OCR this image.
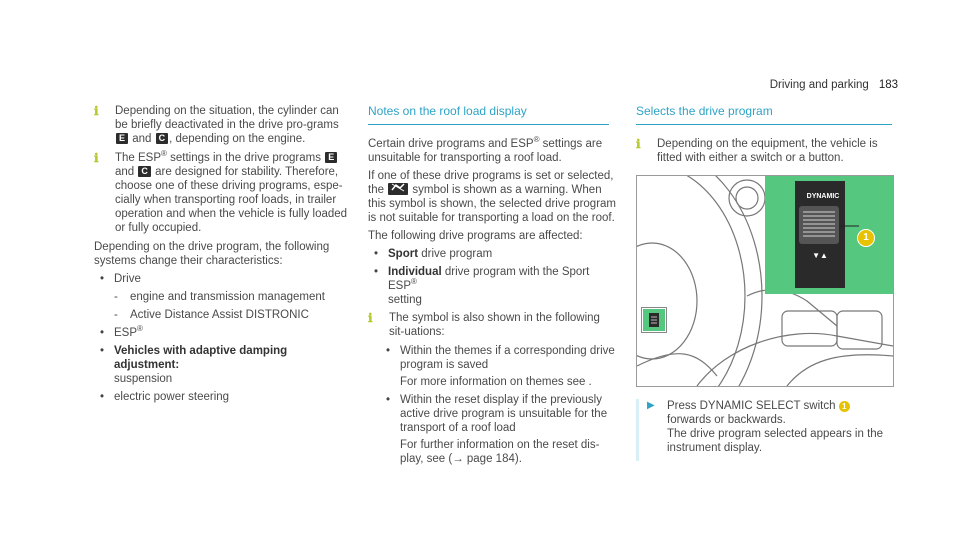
Driving and parking 183
ℹ Depending on the situation, the cylinder can be briefly deactivated in the drive pro-grams E and C , depending on the engine.

ℹ The ESP® settings in the drive programs E
and C are designed for stability. Therefore, choose one of these driving programs, espe-cially when transporting roof loads, in trailer operation and when the vehicle is fully loaded or fully occupied.

Depending on the drive program, the following systems change their characteristics:

• Drive
- engine and transmission management
- Active Distance Assist DISTRONIC
• ESP®
• Vehicles with adaptive damping adjustment:
suspension
• electric power steering
Notes on the roof load display

Certain drive programs and ESP® settings are unsuitable for transporting a roof load.

If one of these drive programs is set or selected, the symbol is shown as a warning. When this symbol is shown, the selected drive program is not suitable for transporting a load on the roof.

The following drive programs are affected:

• Sport drive program
• Individual drive program with the Sport ESP®
setting
ℹ The symbol is also shown in the following sit-uations:

• Within the themes if a corresponding drive program is saved

For more information on themes see .

• Within the reset display if the previously active drive program is unsuitable for the transport of a roof load

For further information on the reset dis-play, see (→ page 184).

Selects the drive program
ℹ Depending on the equipment, the vehicle is fitted with either a switch or a button.

▼▲
DYNAMIC
1
▶ Press DYNAMIC SELECT switch 1 forwards or backwards.

The drive program selected appears in the instrument display.
